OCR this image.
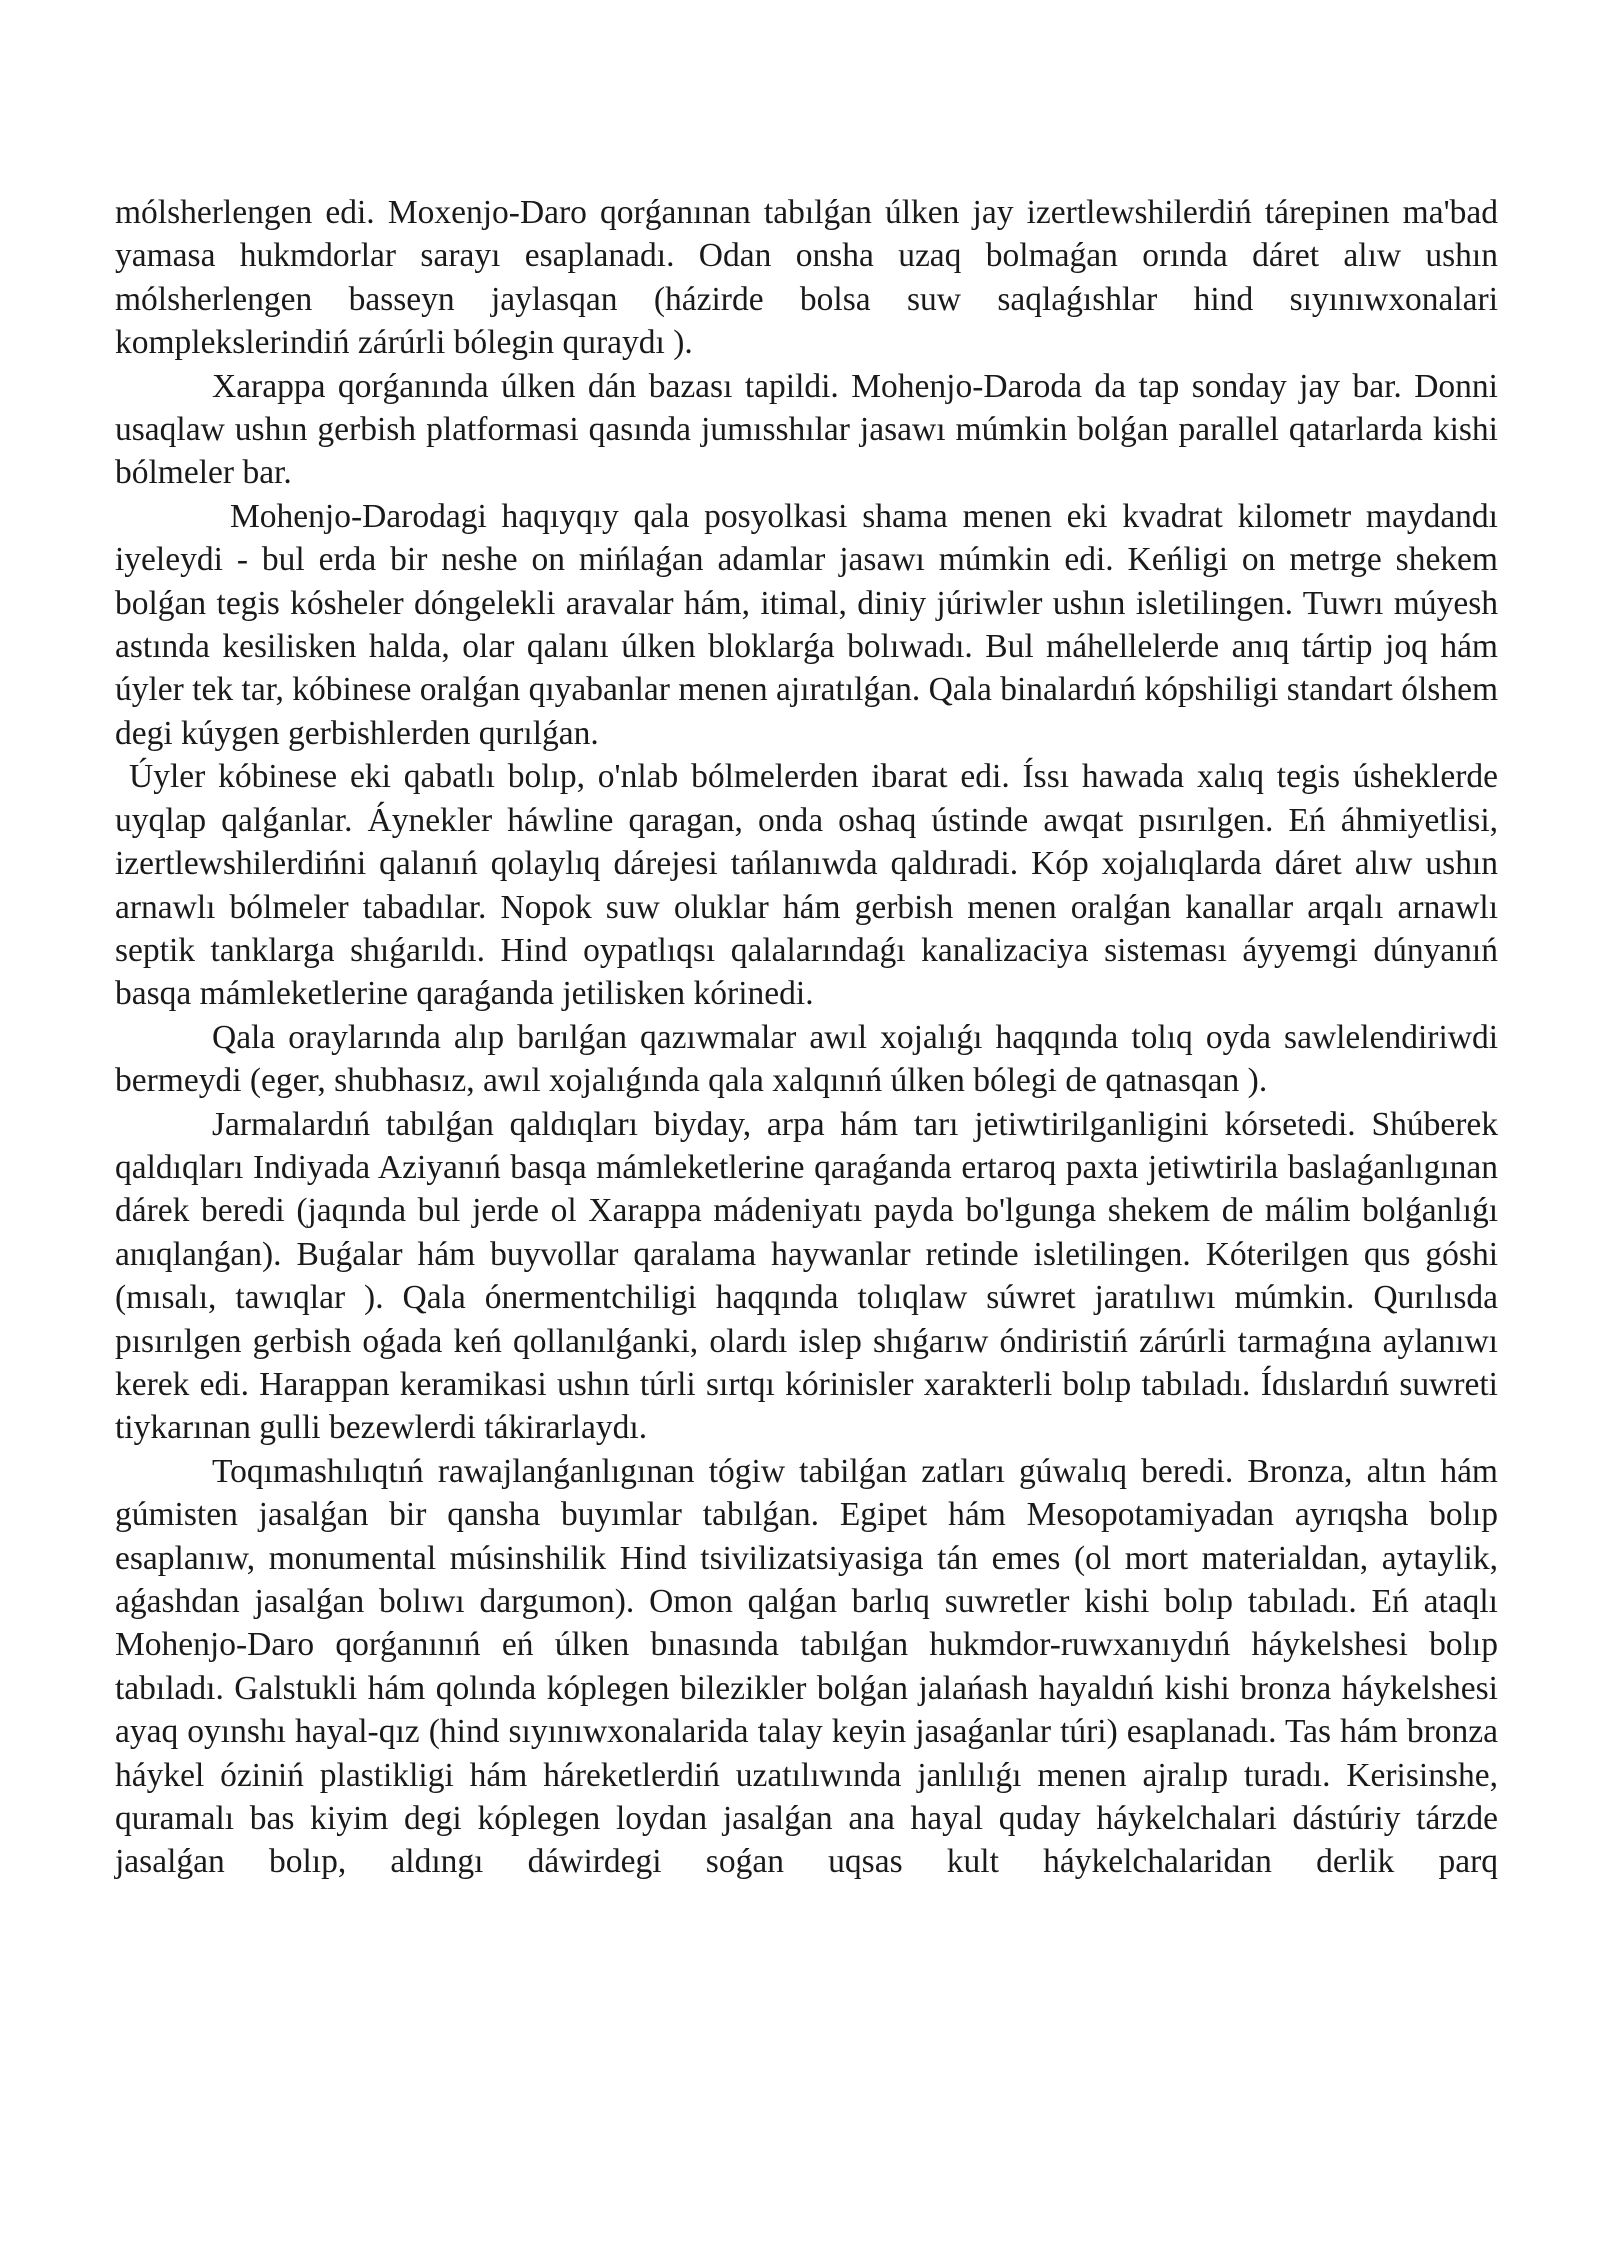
mólsherlengen edi. Moxenjo-Daro qorǵanınan tabılǵan úlken jay izertlewshilerdiń tárepinen ma'bad yamasa hukmdorlar sarayı esaplanadı. Odan onsha uzaq bolmaǵan orında dáret alıw ushın mólsherlengen basseyn jaylasqan (házirde bolsa suw saqlaǵıshlar hind sıyınıwxonalari komplekslerindiń zárúrli bólegin quraydı ).

Xarappa qorǵanında úlken dán bazası tapildi. Mohenjo-Daroda da tap sonday jay bar. Donni usaqlaw ushın gerbish platformasi qasında jumısshılar jasawı múmkin bolǵan parallel qatarlarda kishi bólmeler bar.

Mohenjo-Darodagi haqıyqıy qala posyolkasi shama menen eki kvadrat kilometr maydandı iyeleydi - bul erda bir neshe on mińlaǵan adamlar jasawı múmkin edi. Keńligi on metrge shekem bolǵan tegis kósheler dóngelekli aravalar hám, itimal, diniy júriwler ushın isletilingen. Tuwrı múyesh astında kesilisken halda, olar qalanı úlken bloklarǵa bolıwadı. Bul máhellelerde anıq tártip joq hám úyler tek tar, kóbinese oralǵan qıyabanlar menen ajıratılǵan. Qala binalardıń kópshiligi standart ólshem degi kúygen gerbishlerden qurılǵan.

Úyler kóbinese eki qabatlı bolıp, o'nlab bólmelerden ibarat edi. Íssı hawada xalıq tegis úsheklerde uyqlap qalǵanlar. Áynekler háwline qaragan, onda oshaq ústinde awqat pısırılgen. Eń áhmiyetlisi, izertlewshilerdińni qalanıń qolaylıq dárejesi tańlanıwda qaldıradi. Kóp xojalıqlarda dáret alıw ushın arnawlı bólmeler tabadılar. Nopok suw oluklar hám gerbish menen oralǵan kanallar arqalı arnawlı septik tanklarga shıǵarıldı. Hind oypatlıqsı qalalarındaǵı kanalizaciya sisteması áyyemgi dúnyanıń basqa mámleketlerine qaraǵanda jetilisken kórinedi.

Qala oraylarında alıp barılǵan qazıwmalar awıl xojalıǵı haqqında tolıq oyda sawlelendiriwdi bermeydi (eger, shubhasız, awıl xojalıǵında qala xalqınıń úlken bólegi de qatnasqan ).

Jarmalardıń tabılǵan qaldıqları biyday, arpa hám tarı jetiwtirilganligini kórsetedi. Shúberek qaldıqları Indiyada Aziyanıń basqa mámleketlerine qaraǵanda ertaroq paxta jetiwtirila baslaǵanlıgınan dárek beredi (jaqında bul jerde ol Xarappa mádeniyatı payda bo'lgunga shekem de málim bolǵanlıǵı anıqlanǵan). Buǵalar hám buyvollar qaralama haywanlar retinde isletilingen. Kóterilgen qus góshi (mısalı, tawıqlar ). Qala ónermentchiligi haqqında tolıqlaw súwret jaratılıwı múmkin. Qurılısda pısırılgen gerbish oǵada keń qollanılǵanki, olardı islep shıǵarıw óndiristiń zárúrli tarmaǵına aylanıwı kerek edi. Harappan keramikasi ushın túrli sırtqı kórinisler xarakterli bolıp tabıladı. Ídıslardıń suwreti tiykarınan gulli bezewlerdi tákirarlaydı.

Toqımashılıqtıń rawajlanǵanlıgınan tógiw tabilǵan zatları gúwalıq beredi. Bronza, altın hám gúmisten jasalǵan bir qansha buyımlar tabılǵan. Egipet hám Mesopotamiyadan ayrıqsha bolıp esaplanıw, monumental músinshilik Hind tsivilizatsiyasiga tán emes (ol mort materialdan, aytaylik, aǵashdan jasalǵan bolıwı dargumon). Omon qalǵan barlıq suwretler kishi bolıp tabıladı. Eń ataqlı Mohenjo-Daro qorǵanınıń eń úlken bınasında tabılǵan hukmdor-ruwxanıydıń háykelshesi bolıp tabıladı. Galstukli hám qolında kóplegen bilezikler bolǵan jalańash hayaldıń kishi bronza háykelshesi ayaq oyınshı hayal-qız (hind sıyınıwxonalarida talay keyin jasaǵanlar túri) esaplanadı. Tas hám bronza háykel óziniń plastikligi hám háreketlerdiń uzatılıwında janlılıǵı menen ajralıp turadı. Kerisinshe, quramalı bas kiyim degi kóplegen loydan jasalǵan ana hayal quday háykelchalari dástúriy tárzde jasalǵan bolıp, aldıngı dáwirdegi soǵan uqsas kult háykelchalaridan derlik parq
